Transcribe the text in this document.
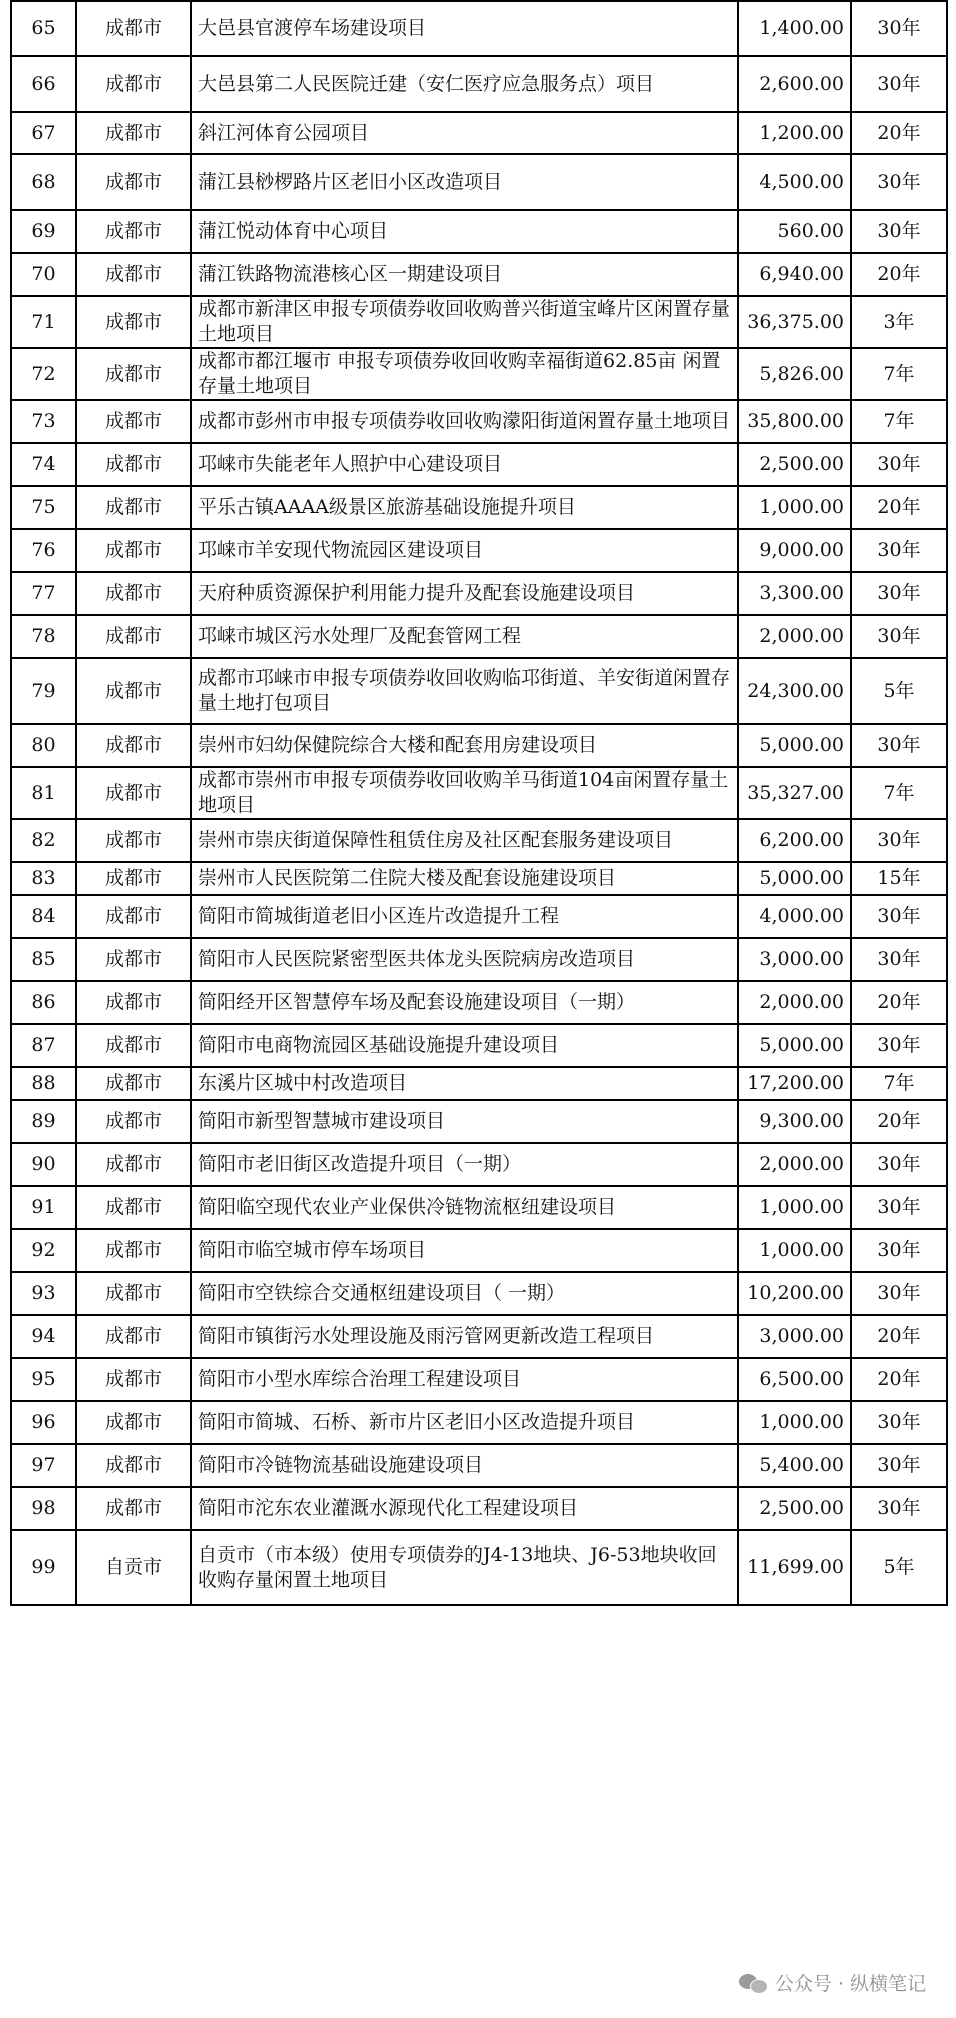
65	成都市	大邑县官渡停车场建设项目	1,400.00	30年
66	成都市	大邑县第二人民医院迁建（安仁医疗应急服务点）项目	2,600.00	30年
67	成都市	斜江河体育公园项目	1,200.00	20年
68	成都市	蒲江县桫椤路片区老旧小区改造项目	4,500.00	30年
69	成都市	蒲江悦动体育中心项目	560.00	30年
70	成都市	蒲江铁路物流港核心区一期建设项目	6,940.00	20年
71	成都市	成都市新津区申报专项债券收回收购普兴街道宝峰片区闲置存量土地项目	36,375.00	3年
72	成都市	成都市都江堰市 申报专项债券收回收购幸福街道62.85亩 闲置存量土地项目	5,826.00	7年
73	成都市	成都市彭州市申报专项债券收回收购濛阳街道闲置存量土地项目	35,800.00	7年
74	成都市	邛崃市失能老年人照护中心建设项目	2,500.00	30年
75	成都市	平乐古镇AAAA级景区旅游基础设施提升项目	1,000.00	20年
76	成都市	邛崃市羊安现代物流园区建设项目	9,000.00	30年
77	成都市	天府种质资源保护利用能力提升及配套设施建设项目	3,300.00	30年
78	成都市	邛崃市城区污水处理厂及配套管网工程	2,000.00	30年
79	成都市	成都市邛崃市申报专项债券收回收购临邛街道、羊安街道闲置存量土地打包项目	24,300.00	5年
80	成都市	崇州市妇幼保健院综合大楼和配套用房建设项目	5,000.00	30年
81	成都市	成都市崇州市申报专项债券收回收购羊马街道104亩闲置存量土地项目	35,327.00	7年
82	成都市	崇州市崇庆街道保障性租赁住房及社区配套服务建设项目	6,200.00	30年
83	成都市	崇州市人民医院第二住院大楼及配套设施建设项目	5,000.00	15年
84	成都市	简阳市简城街道老旧小区连片改造提升工程	4,000.00	30年
85	成都市	简阳市人民医院紧密型医共体龙头医院病房改造项目	3,000.00	30年
86	成都市	简阳经开区智慧停车场及配套设施建设项目（一期）	2,000.00	20年
87	成都市	简阳市电商物流园区基础设施提升建设项目	5,000.00	30年
88	成都市	东溪片区城中村改造项目	17,200.00	7年
89	成都市	简阳市新型智慧城市建设项目	9,300.00	20年
90	成都市	简阳市老旧街区改造提升项目（一期）	2,000.00	30年
91	成都市	简阳临空现代农业产业保供冷链物流枢纽建设项目	1,000.00	30年
92	成都市	简阳市临空城市停车场项目	1,000.00	30年
93	成都市	简阳市空铁综合交通枢纽建设项目（ 一期）	10,200.00	30年
94	成都市	简阳市镇街污水处理设施及雨污管网更新改造工程项目	3,000.00	20年
95	成都市	简阳市小型水库综合治理工程建设项目	6,500.00	20年
96	成都市	简阳市简城、石桥、新市片区老旧小区改造提升项目	1,000.00	30年
97	成都市	简阳市冷链物流基础设施建设项目	5,400.00	30年
98	成都市	简阳市沱东农业灌溉水源现代化工程建设项目	2,500.00	30年
99	自贡市	自贡市（市本级）使用专项债券的J4-13地块、J6-53地块收回收购存量闲置土地项目	11,699.00	5年
公众号 · 纵横笔记
